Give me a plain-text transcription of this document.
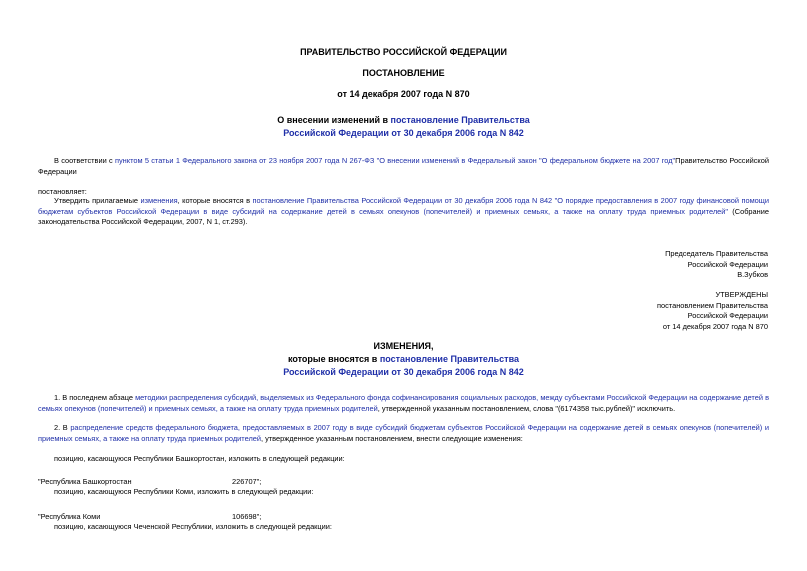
ПРАВИТЕЛЬСТВО РОССИЙСКОЙ ФЕДЕРАЦИИ
ПОСТАНОВЛЕНИЕ
от 14 декабря 2007 года N 870
О внесении изменений в постановление Правительства
Российской Федерации от 30 декабря 2006 года N 842
В соответствии с пунктом 5 статьи 1 Федерального закона от 23 ноября 2007 года N 267-ФЗ "О внесении изменений в Федеральный закон "О федеральном бюджете на 2007 год"Правительство Российской Федерации
постановляет:
Утвердить прилагаемые изменения, которые вносятся в постановление Правительства Российской Федерации от 30 декабря 2006 года N 842 "О порядке предоставления в 2007 году финансовой помощи бюджетам субъектов Российской Федерации в виде субсидий на содержание детей в семьях опекунов (попечителей) и приемных семьях, а также на оплату труда приемных родителей" (Собрание законодательства Российской Федерации, 2007, N 1, ст.293).
Председатель Правительства
Российской Федерации
В.Зубков
УТВЕРЖДЕНЫ
постановлением Правительства
Российской Федерации
от 14 декабря 2007 года N 870
ИЗМЕНЕНИЯ,
которые вносятся в постановление Правительства
Российской Федерации от 30 декабря 2006 года N 842
1. В последнем абзаце методики распределения субсидий, выделяемых из Федерального фонда софинансирования социальных расходов, между субъектами Российской Федерации на содержание детей в семьях опекунов (попечителей) и приемных семьях, а также на оплату труда приемных родителей, утвержденной указанным постановлением, слова "(6174358 тыс.рублей)" исключить.
2. В распределение средств федерального бюджета, предоставляемых в 2007 году в виде субсидий бюджетам субъектов Российской Федерации на содержание детей в семьях опекунов (попечителей) и приемных семьях, а также на оплату труда приемных родителей, утвержденное указанным постановлением, внести следующие изменения:
позицию, касающуюся Республики Башкортостан, изложить в следующей редакции:
"Республика Башкортостан	226707";
позицию, касающуюся Республики Коми, изложить в следующей редакции:
"Республика Коми	106698";
позицию, касающуюся Чеченской Республики, изложить в следующей редакции:
